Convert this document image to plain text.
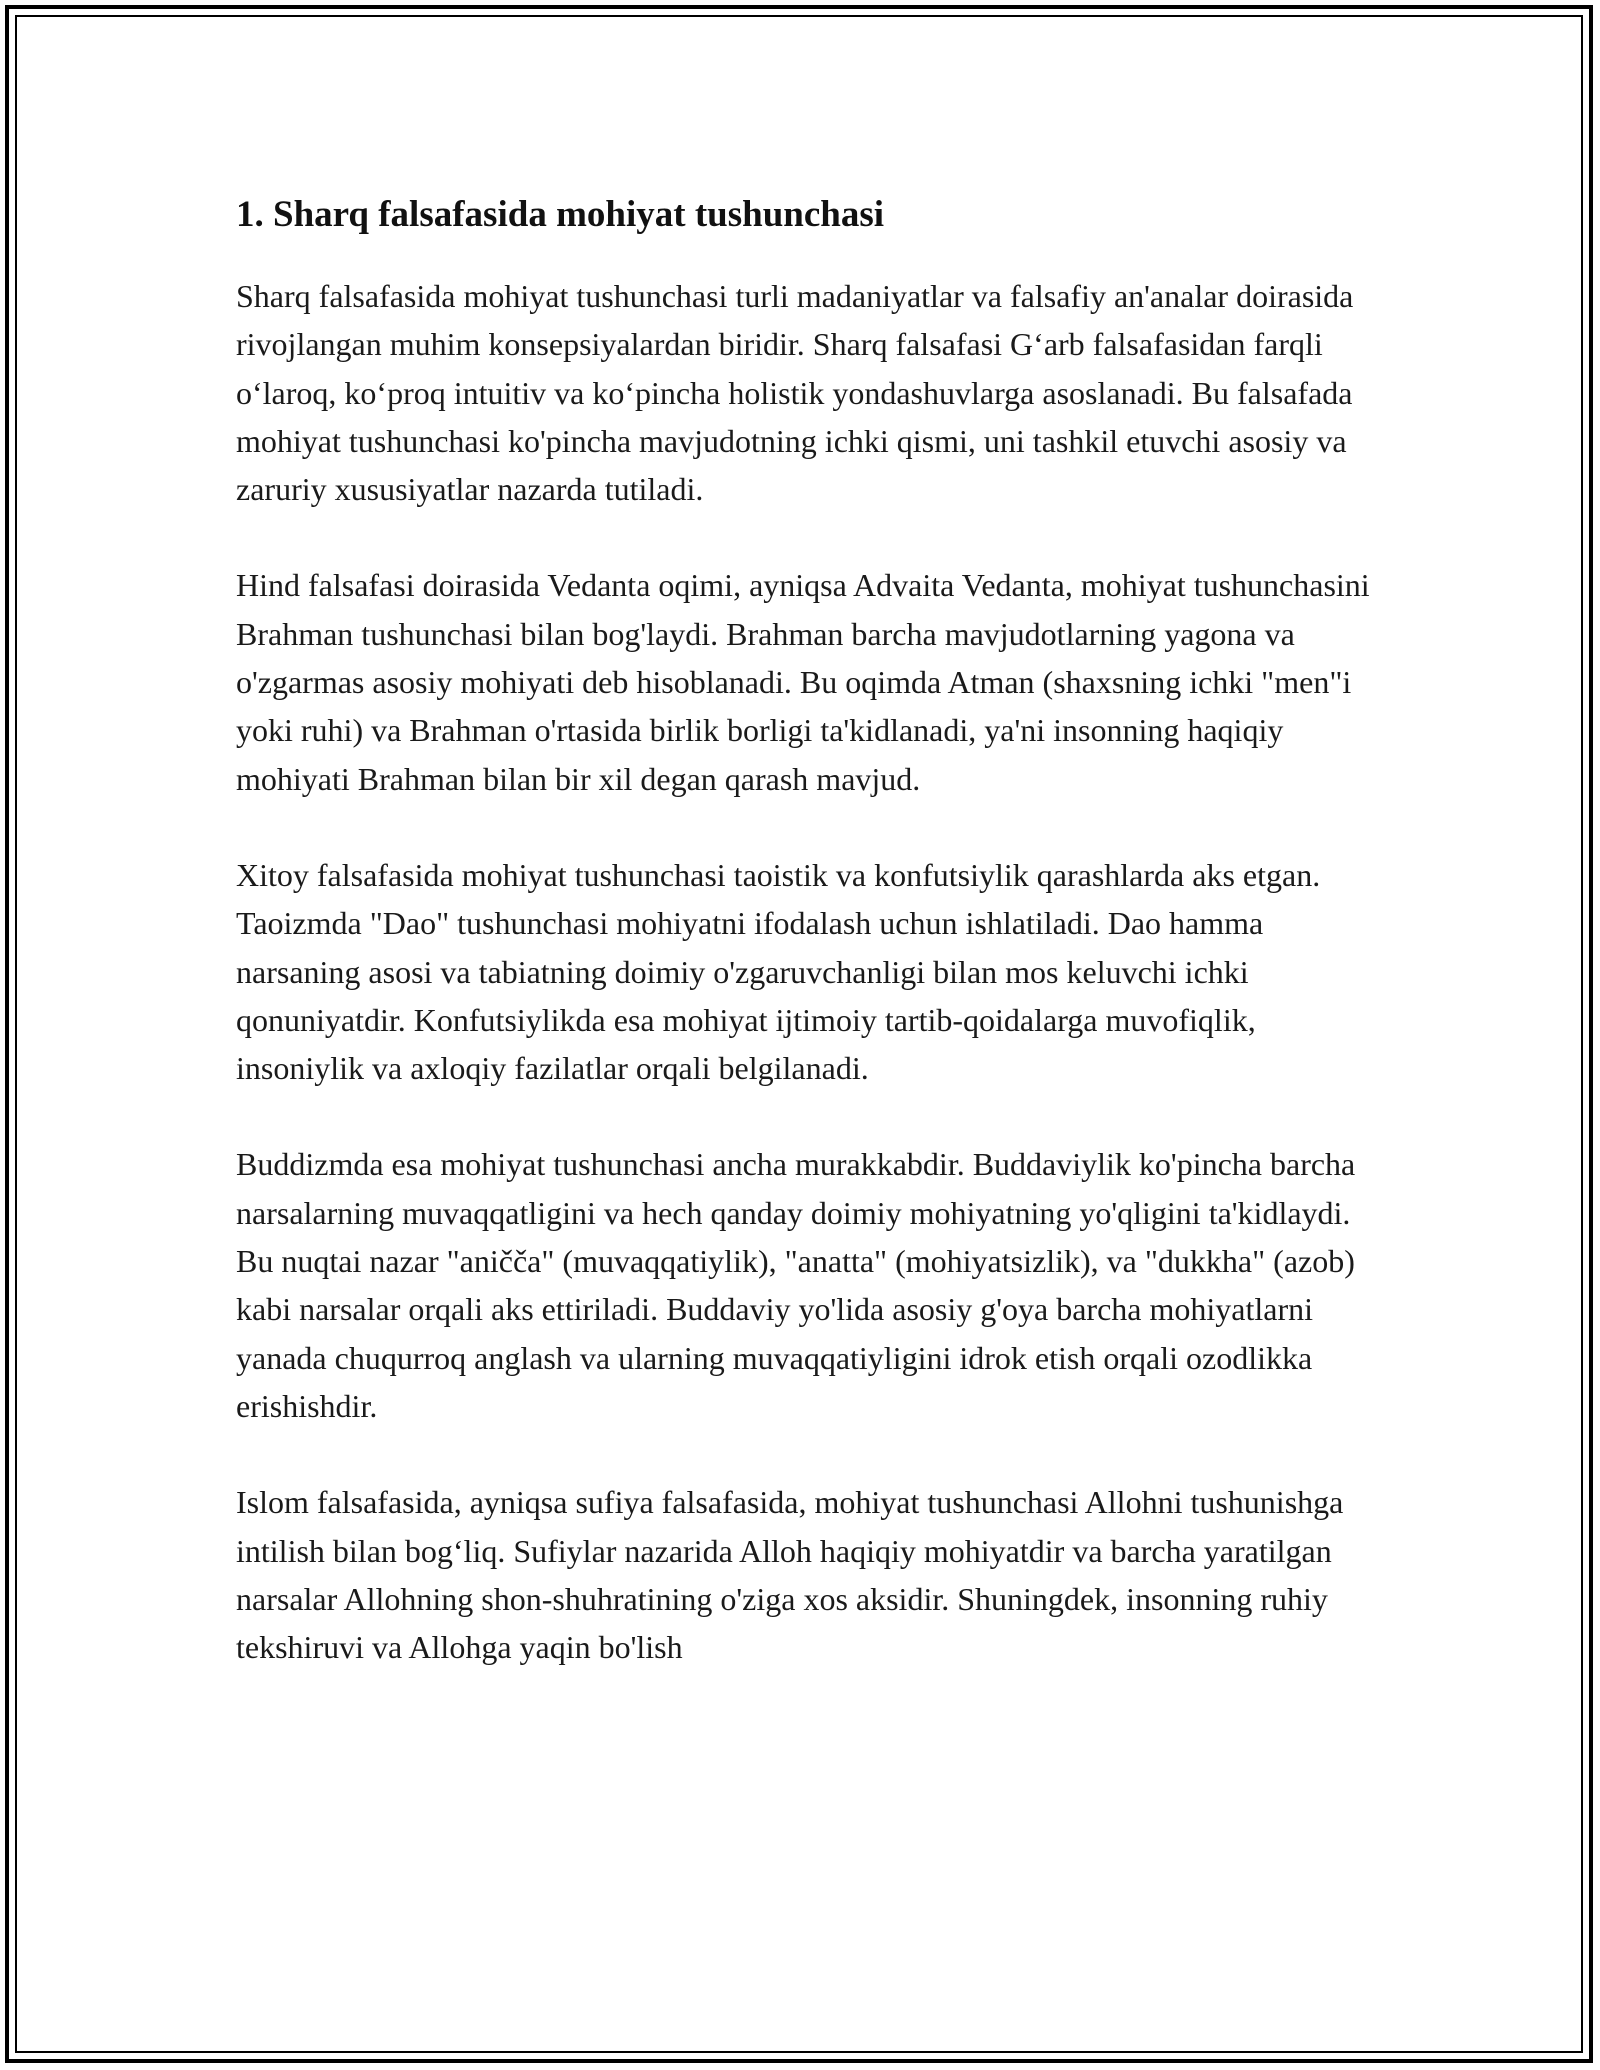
1. Sharq falsafasida mohiyat tushunchasi

Sharq falsafasida mohiyat tushunchasi turli madaniyatlar va falsafiy an'analar doirasida rivojlangan muhim konsepsiyalardan biridir. Sharq falsafasi G‘arb falsafasidan farqli o‘laroq, ko‘proq intuitiv va ko‘pincha holistik yondashuvlarga asoslanadi. Bu falsafada mohiyat tushunchasi ko'pincha mavjudotning ichki qismi, uni tashkil etuvchi asosiy va zaruriy xususiyatlar nazarda tutiladi.

Hind falsafasi doirasida Vedanta oqimi, ayniqsa Advaita Vedanta, mohiyat tushunchasini Brahman tushunchasi bilan bog'laydi. Brahman barcha mavjudotlarning yagona va o'zgarmas asosiy mohiyati deb hisoblanadi. Bu oqimda Atman (shaxsning ichki "men"i yoki ruhi) va Brahman o'rtasida birlik borligi ta'kidlanadi, ya'ni insonning haqiqiy mohiyati Brahman bilan bir xil degan qarash mavjud.

Xitoy falsafasida mohiyat tushunchasi taoistik va konfutsiylik qarashlarda aks etgan. Taoizmda "Dao" tushunchasi mohiyatni ifodalash uchun ishlatiladi. Dao hamma narsaning asosi va tabiatning doimiy o'zgaruvchanligi bilan mos keluvchi ichki qonuniyatdir. Konfutsiylikda esa mohiyat ijtimoiy tartib-qoidalarga muvofiqlik, insoniylik va axloqiy fazilatlar orqali belgilanadi.

Buddizmda esa mohiyat tushunchasi ancha murakkabdir. Buddaviylik ko'pincha barcha narsalarning muvaqqatligini va hech qanday doimiy mohiyatning yo'qligini ta'kidlaydi. Bu nuqtai nazar "aničča" (muvaqqatiylik), "anatta" (mohiyatsizlik), va "dukkha" (azob) kabi narsalar orqali aks ettiriladi. Buddaviy yo'lida asosiy g'oya barcha mohiyatlarni yanada chuqurroq anglash va ularning muvaqqatiyligini idrok etish orqali ozodlikka erishishdir.

Islom falsafasida, ayniqsa sufiya falsafasida, mohiyat tushunchasi Allohni tushunishga intilish bilan bog‘liq. Sufiylar nazarida Alloh haqiqiy mohiyatdir va barcha yaratilgan narsalar Allohning shon-shuhratining o'ziga xos aksidir. Shuningdek, insonning ruhiy tekshiruvi va Allohga yaqin bo'lish
